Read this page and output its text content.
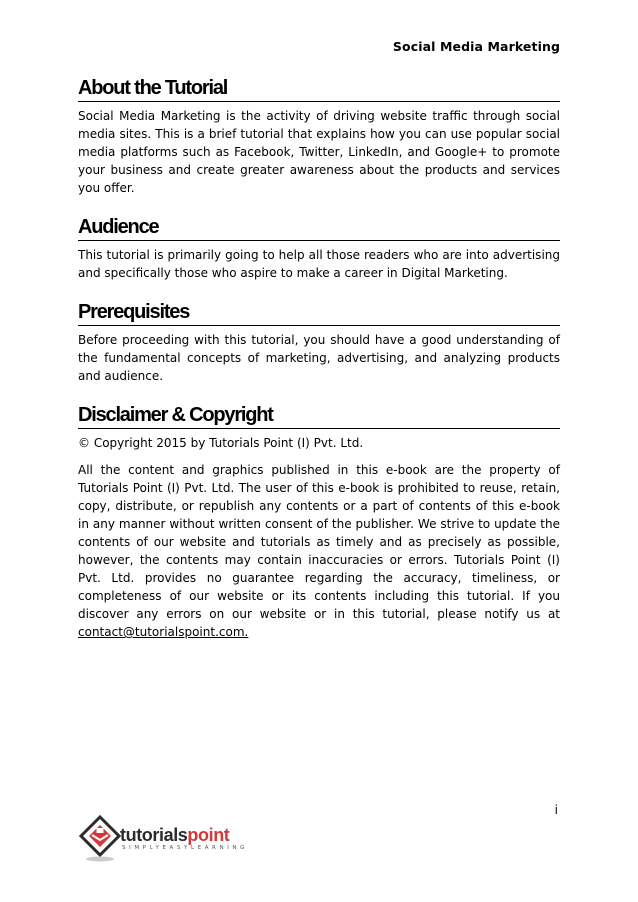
Social Media Marketing
About the Tutorial

Social Media Marketing is the activity of driving website traffic through social media sites. This is a brief tutorial that explains how you can use popular social media platforms such as Facebook, Twitter, LinkedIn, and Google+ to promote your business and create greater awareness about the products and services you offer.

Audience

This tutorial is primarily going to help all those readers who are into advertising and specifically those who aspire to make a career in Digital Marketing.

Prerequisites

Before proceeding with this tutorial, you should have a good understanding of the fundamental concepts of marketing, advertising, and analyzing products and audience.

Disclaimer & Copyright

© Copyright 2015 by Tutorials Point (I) Pvt. Ltd.

All the content and graphics published in this e-book are the property of Tutorials Point (I) Pvt. Ltd. The user of this e-book is prohibited to reuse, retain, copy, distribute, or republish any contents or a part of contents of this e-book in any manner without written consent of the publisher. We strive to update the contents of our website and tutorials as timely and as precisely as possible, however, the contents may contain inaccuracies or errors. Tutorials Point (I) Pvt. Ltd. provides no guarantee regarding the accuracy, timeliness, or completeness of our website or its contents including this tutorial. If you discover any errors on our website or in this tutorial, please notify us at contact@tutorialspoint.com.

i
tutorialspoint
SIMPLYEASYLEARNING
